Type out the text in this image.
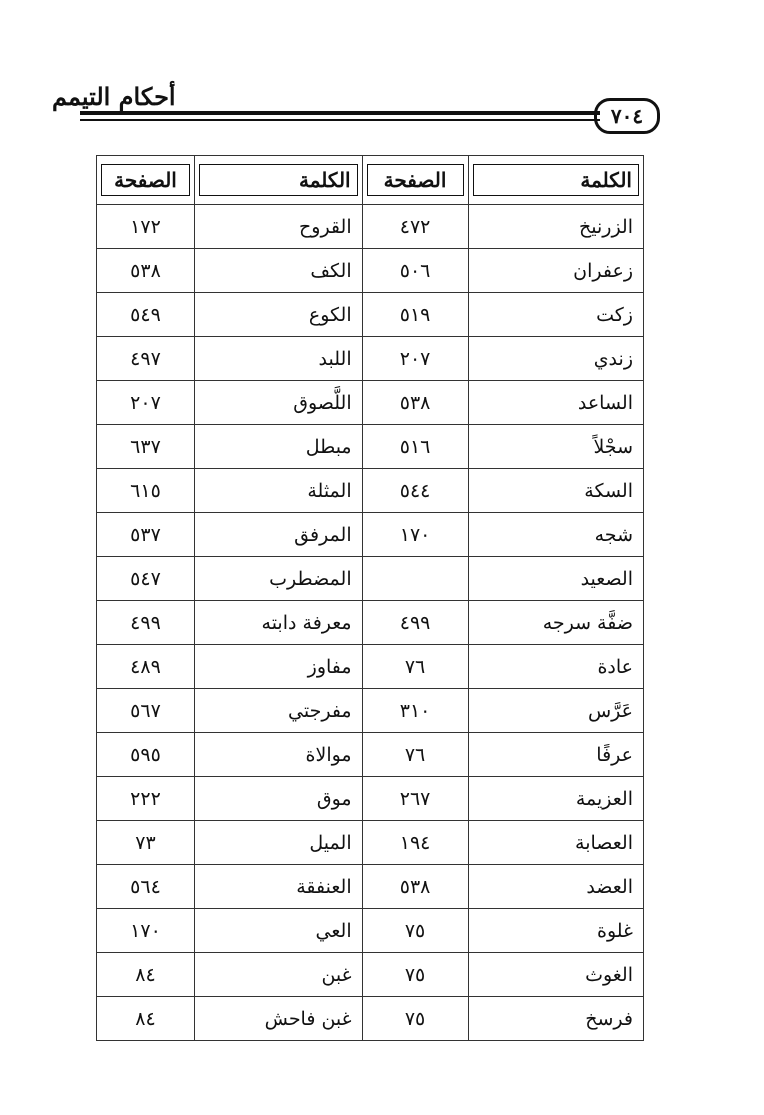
أحكام التيمم
٧٠٤
الكلمة	الصفحة	الكلمة	الصفحة

الزرنيخ	٤٧٢	القروح	١٧٢
زعفران	٥٠٦	الكف	٥٣٨
زكت	٥١٩	الكوع	٥٤٩
زندي	٢٠٧	اللبد	٤٩٧
الساعد	٥٣٨	اللَّصوق	٢٠٧
سجْلاً	٥١٦	مبطل	٦٣٧
السكة	٥٤٤	المثلة	٦١٥
شجه	١٧٠	المرفق	٥٣٧
الصعيد		المضطرب	٥٤٧
ضفَّة سرجه	٤٩٩	معرفة دابته	٤٩٩
عادة	٧٦	مفاوز	٤٨٩
عَرَّس	٣١٠	مفرجتي	٥٦٧
عرفًا	٧٦	موالاة	٥٩٥
العزيمة	٢٦٧	موق	٢٢٢
العصابة	١٩٤	الميل	٧٣
العضد	٥٣٨	العنفقة	٥٦٤
غلوة	٧٥	العي	١٧٠
الغوث	٧٥	غبن	٨٤
فرسخ	٧٥	غبن فاحش	٨٤
